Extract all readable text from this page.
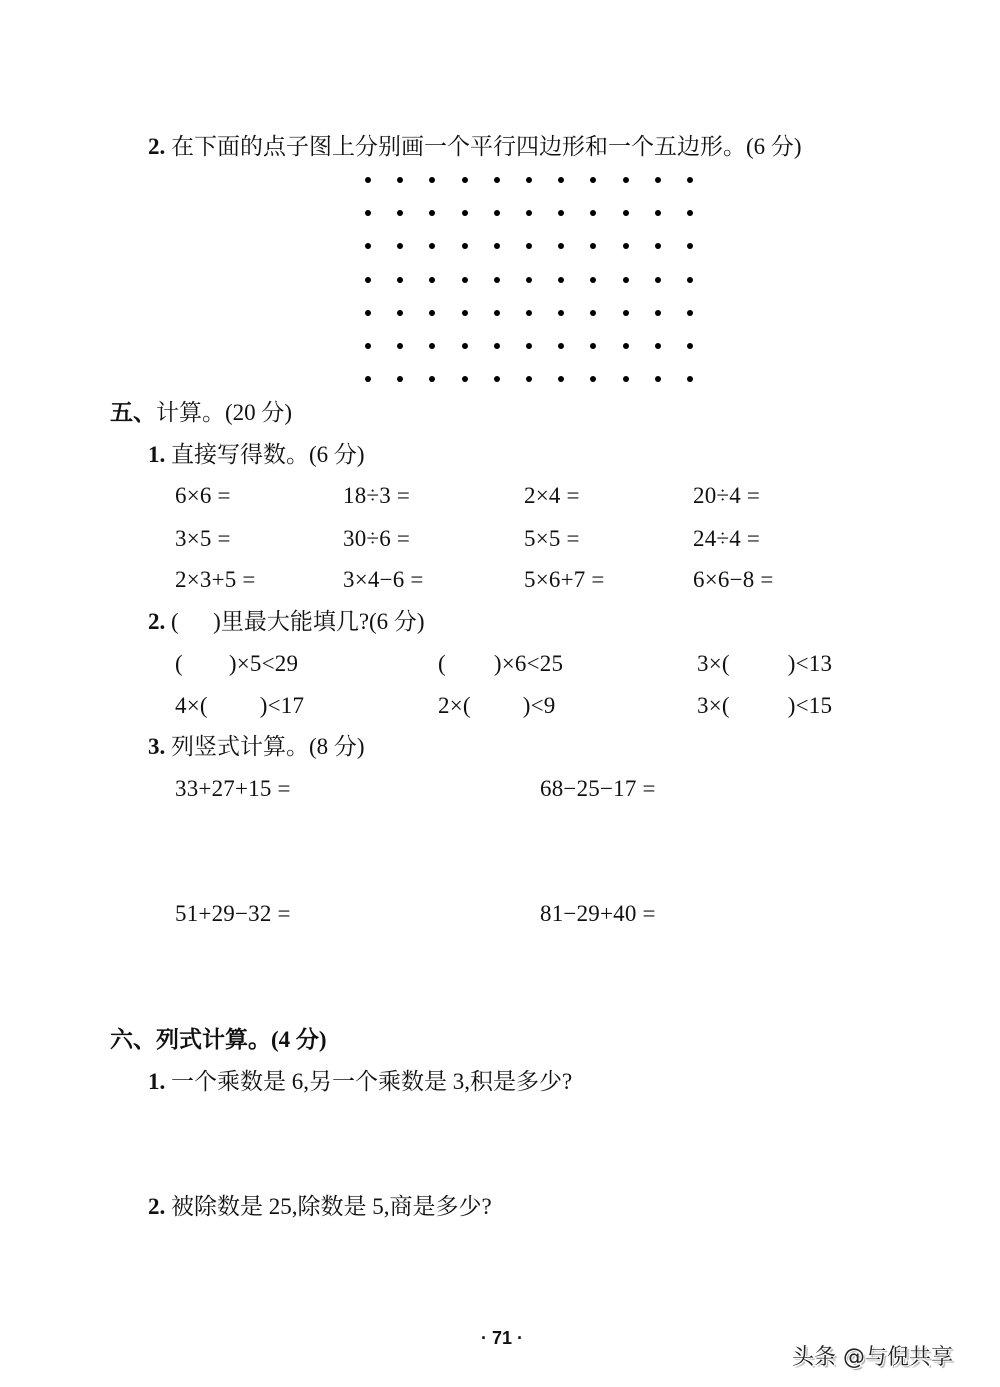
2. 在下面的点子图上分别画一个平行四边形和一个五边形。(6 分)
五、计算。(20 分)
1. 直接写得数。(6 分)
6×6 =	18÷3 =	2×4 =	20÷4 =
3×5 =	30÷6 =	5×5 =	24÷4 =
2×3+5 =	3×4−6 =	5×6+7 =	6×6−8 =
2. (      )里最大能填几?(6 分)
( )×5<29	( )×6<25	3×(	)<13
4×( )<17	2×( )<9	3×(	)<15
3. 列竖式计算。(8 分)
33+27+15 =	68−25−17 =
51+29−32 =	81−29+40 =
六、列式计算。(4 分)
1. 一个乘数是 6,另一个乘数是 3,积是多少?
2. 被除数是 25,除数是 5,商是多少?
· 71 ·
头条 @与倪共享
